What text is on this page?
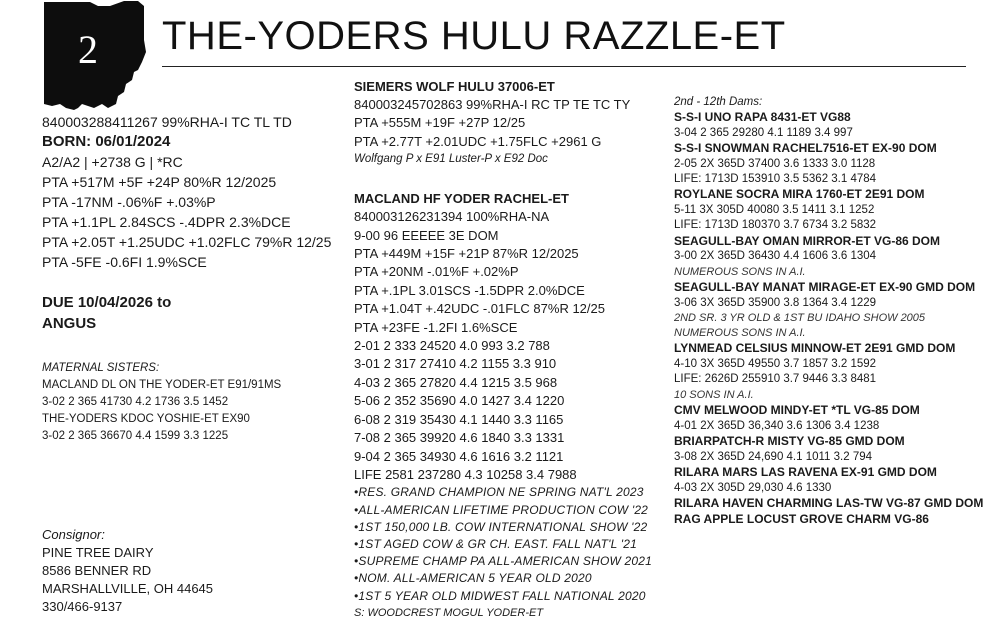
2 THE-YODERS HULU RAZZLE-ET
840003288411267 99%RHA-I TC TL TD
BORN: 06/01/2024
A2/A2 | +2738 G | *RC
PTA +517M +5F +24P 80%R 12/2025
PTA -17NM -.06%F +.03%P
PTA +1.1PL 2.84SCS -.4DPR 2.3%DCE
PTA +2.05T +1.25UDC +1.02FLC 79%R 12/25
PTA -5FE -0.6FI 1.9%SCE
DUE 10/04/2026 to
ANGUS
MATERNAL SISTERS:
MACLAND DL ON THE YODER-ET E91/91MS
3-02 2 365 41730 4.2 1736 3.5 1452
THE-YODERS KDOC YOSHIE-ET EX90
3-02 2 365 36670 4.4 1599 3.3 1225
Consignor:
PINE TREE DAIRY
8586 BENNER RD
MARSHALLVILLE, OH 44645
330/466-9137
SIEMERS WOLF HULU 37006-ET
840003245702863 99%RHA-I RC TP TE TC TY
PTA +555M +19F +27P 12/25
PTA +2.77T +2.01UDC +1.75FLC +2961 G
Wolfgang P x E91 Luster-P x E92 Doc
MACLAND HF YODER RACHEL-ET
840003126231394 100%RHA-NA
9-00 96 EEEEE 3E DOM
PTA +449M +15F +21P 87%R 12/2025
PTA +20NM -.01%F +.02%P
PTA +.1PL 3.01SCS -1.5DPR 2.0%DCE
PTA +1.04T +.42UDC -.01FLC 87%R 12/25
PTA +23FE -1.2FI 1.6%SCE
2-01 2 333 24520 4.0 993 3.2 788
3-01 2 317 27410 4.2 1155 3.3 910
4-03 2 365 27820 4.4 1215 3.5 968
5-06 2 352 35690 4.0 1427 3.4 1220
6-08 2 319 35430 4.1 1440 3.3 1165
7-08 2 365 39920 4.6 1840 3.3 1331
9-04 2 365 34930 4.6 1616 3.2 1121
LIFE 2581 237280 4.3 10258 3.4 7988
•RES. GRAND CHAMPION NE SPRING NAT'L 2023
•ALL-AMERICAN LIFETIME PRODUCTION COW '22
•1ST 150,000 LB. COW INTERNATIONAL SHOW '22
•1ST AGED COW & GR CH. EAST. FALL NAT'L '21
•SUPREME CHAMP PA ALL-AMERICAN SHOW 2021
•NOM. ALL-AMERICAN 5 YEAR OLD 2020
•1ST 5 YEAR OLD MIDWEST FALL NATIONAL 2020
S: WOODCREST MOGUL YODER-ET
2nd - 12th Dams:
S-S-I UNO RAPA 8431-ET VG88
3-04 2 365 29280 4.1 1189 3.4 997
S-S-I SNOWMAN RACHEL7516-ET EX-90 DOM
2-05 2X 365D 37400 3.6 1333 3.0 1128
LIFE: 1713D 153910 3.5 5362 3.1 4784
ROYLANE SOCRA MIRA 1760-ET 2E91 DOM
5-11 3X 305D 40080 3.5 1411 3.1 1252
LIFE: 1713D 180370 3.7 6734 3.2 5832
SEAGULL-BAY OMAN MIRROR-ET VG-86 DOM
3-00 2X 365D 36430 4.4 1606 3.6 1304
NUMEROUS SONS IN A.I.
SEAGULL-BAY MANAT MIRAGE-ET EX-90 GMD DOM
3-06 3X 365D 35900 3.8 1364 3.4 1229
2ND SR. 3 YR OLD & 1ST BU IDAHO SHOW 2005
NUMEROUS SONS IN A.I.
LYNMEAD CELSIUS MINNOW-ET 2E91 GMD DOM
4-10 3X 365D 49550 3.7 1857 3.2 1592
LIFE: 2626D 255910 3.7 9446 3.3 8481
10 SONS IN A.I.
CMV MELWOOD MINDY-ET *TL VG-85 DOM
4-01 2X 365D 36,340 3.6 1306 3.4 1238
BRIARPATCH-R MISTY VG-85 GMD DOM
3-08 2X 365D 24,690 4.1 1011 3.2 794
RILARA MARS LAS RAVENA EX-91 GMD DOM
4-03 2X 305D 29,030 4.6 1330
RILARA HAVEN CHARMING LAS-TW VG-87 GMD DOM
RAG APPLE LOCUST GROVE CHARM VG-86
